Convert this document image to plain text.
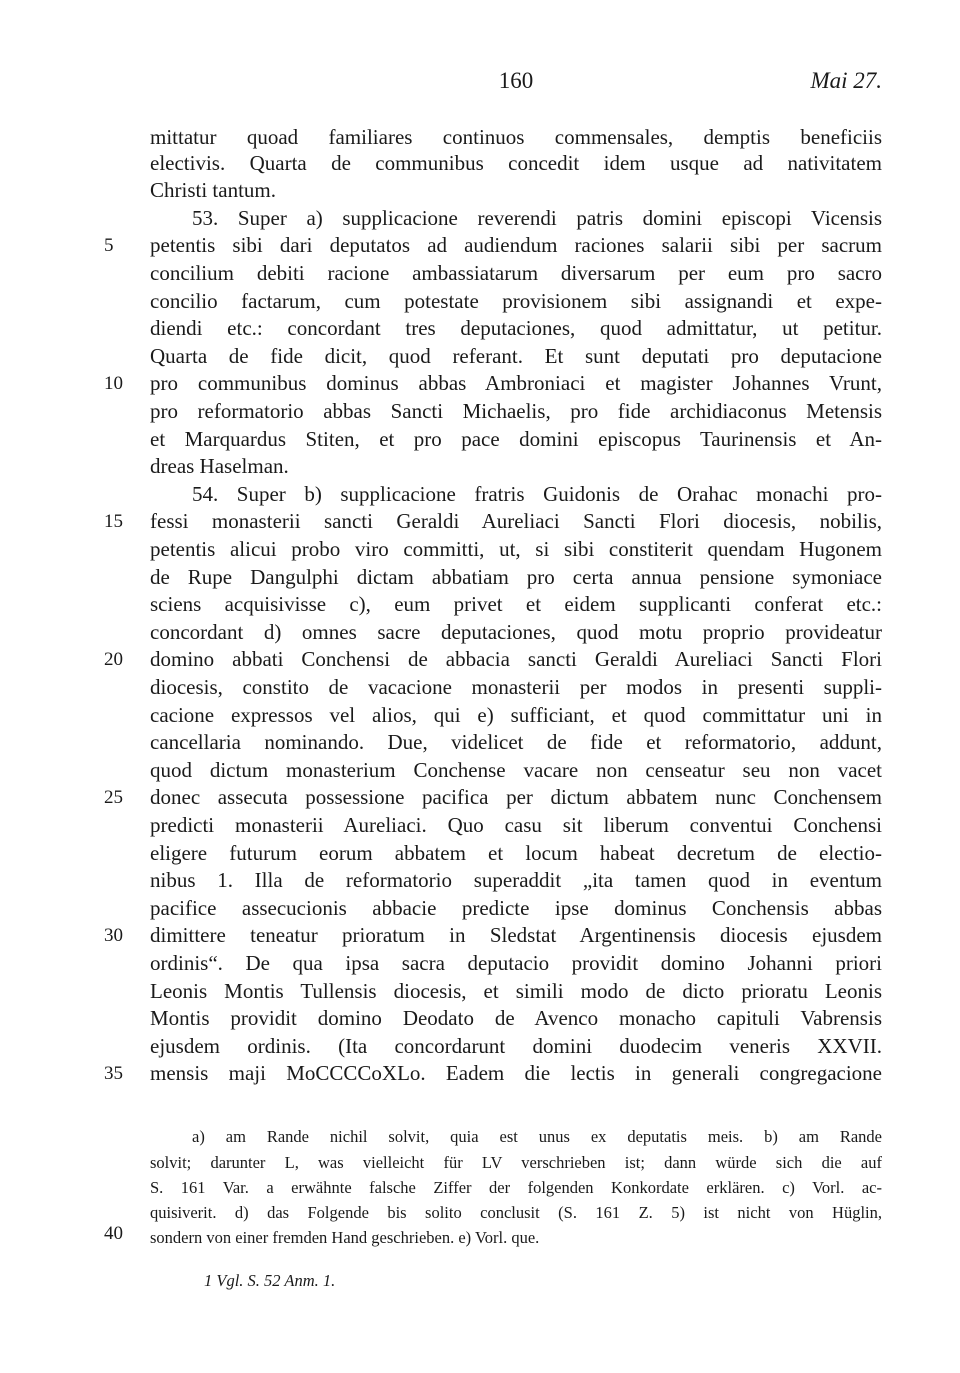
160	Mai 27.
mittatur quoad familiares continuos commensales, demptis beneficiis
electivis. Quarta de communibus concedit idem usque ad nativitatem
Christi tantum.
53. Super a) supplicacione reverendi patris domini episcopi Vicensis
petentis sibi dari deputatos ad audiendum raciones salarii sibi per sacrum
concilium debiti racione ambassiatarum diversarum per eum pro sacro
concilio factarum, cum potestate provisionem sibi assignandi et expe-
diendi etc.: concordant tres deputaciones, quod admittatur, ut petitur.
Quarta de fide dicit, quod referant. Et sunt deputati pro deputacione
pro communibus dominus abbas Ambroniaci et magister Johannes Vrunt,
pro reformatorio abbas Sancti Michaelis, pro fide archidiaconus Metensis
et Marquardus Stiten, et pro pace domini episcopus Taurinensis et An-
dreas Haselman.
54. Super b) supplicacione fratris Guidonis de Orahac monachi pro-
fessi monasterii sancti Geraldi Aureliaci Sancti Flori diocesis, nobilis,
petentis alicui probo viro committi, ut, si sibi constiterit quendam Hugonem
de Rupe Dangulphi dictam abbatiam pro certa annua pensione symoniace
sciens acquisivisse c), eum privet et eidem supplicanti conferat etc.:
concordant d) omnes sacre deputaciones, quod motu proprio provideatur
domino abbati Conchensi de abbacia sancti Geraldi Aureliaci Sancti Flori
diocesis, constito de vacacione monasterii per modos in presenti suppli-
cacione expressos vel alios, qui e) sufficiant, et quod committatur uni in
cancellaria nominando. Due, videlicet de fide et reformatorio, addunt,
quod dictum monasterium Conchense vacare non censeatur seu non vacet
donec assecuta possessione pacifica per dictum abbatem nunc Conchensem
predicti monasterii Aureliaci. Quo casu sit liberum conventui Conchensi
eligere futurum eorum abbatem et locum habeat decretum de electio-
nibus 1. Illa de reformatorio superaddit „ita tamen quod in eventum
pacifice assecucionis abbacie predicte ipse dominus Conchensis abbas
dimittere teneatur prioratum in Sledstat Argentinensis diocesis ejusdem
ordinis“. De qua ipsa sacra deputacio providit domino Johanni priori
Leonis Montis Tullensis diocesis, et simili modo de dicto prioratu Leonis
Montis providit domino Deodato de Avenco monacho capituli Vabrensis
ejusdem ordinis. (Ita concordarunt domini duodecim veneris XXVII.
mensis maji MoCCCCoXLo. Eadem die lectis in generali congregacione
5
10
15
20
25
30
35
40
a) am Rande nichil solvit, quia est unus ex deputatis meis. b) am Rande
solvit; darunter L, was vielleicht für LV verschrieben ist; dann würde sich die auf
S. 161 Var. a erwähnte falsche Ziffer der folgenden Konkordate erklären. c) Vorl. ac-
quisiverit. d) das Folgende bis solito conclusit (S. 161 Z. 5) ist nicht von Hüglin,
sondern von einer fremden Hand geschrieben. e) Vorl. que.
1 Vgl. S. 52 Anm. 1.
